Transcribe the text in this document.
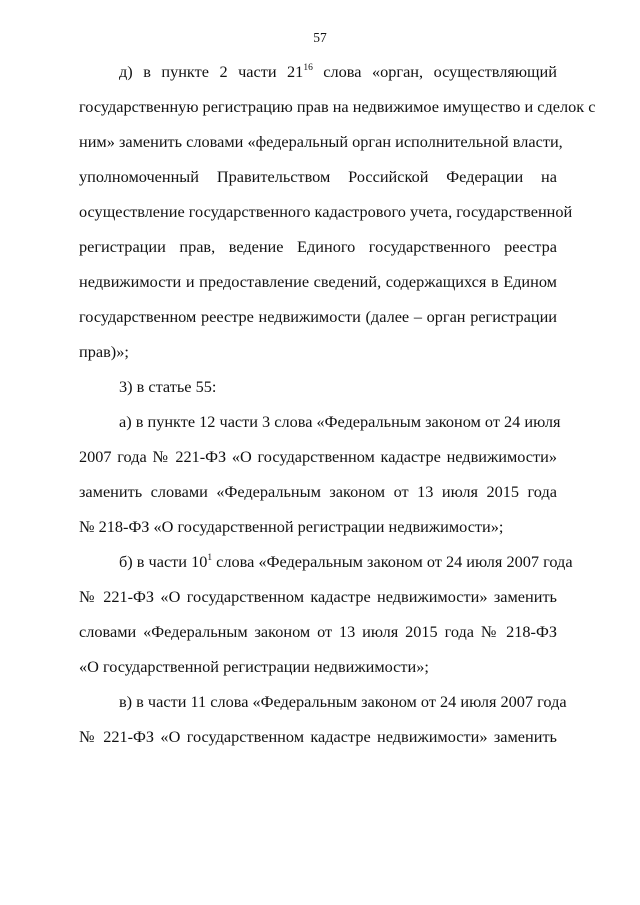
57
д) в пункте 2 части $21^{16}$ слова «орган, осуществляющий
государственную регистрацию прав на недвижимое имущество и сделок с
ним» заменить словами «федеральный орган исполнительной власти,
уполномоченный Правительством Российской Федерации на
осуществление государственного кадастрового учета, государственной
регистрации прав, ведение Единого государственного реестра
недвижимости и предоставление сведений, содержащихся в Едином
государственном реестре недвижимости (далее – орган регистрации
прав)»;
3) в статье 55:
а) в пункте 12 части 3 слова «Федеральным законом от 24 июля
2007 года № 221-ФЗ «О государственном кадастре недвижимости»
заменить словами «Федеральным законом от 13 июля 2015 года
№ 218-ФЗ «О государственной регистрации недвижимости»;
б) в части $10^1$ слова «Федеральным законом от 24 июля 2007 года
№ 221-ФЗ «О государственном кадастре недвижимости» заменить
словами «Федеральным законом от 13 июля 2015 года № 218-ФЗ
«О государственной регистрации недвижимости»;
в) в части 11 слова «Федеральным законом от 24 июля 2007 года
№ 221-ФЗ «О государственном кадастре недвижимости» заменить
